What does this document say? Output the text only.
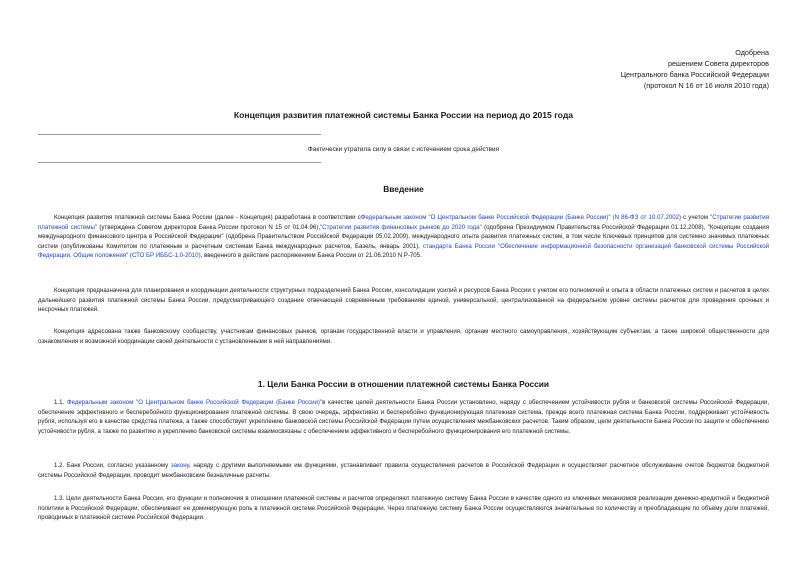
Одобрена
решением Совета директоров
Центрального банка Российской Федерации
(протокол N 16 от 16 июля 2010 года)
Концепция развития платежной системы Банка России на период до 2015 года
Фактически утратила силу в связи с истечением срока действия
Введение

Концепция развития платежной системы Банка России (далее - Концепция) разработана в соответствии сФедеральным законом "О Центральном банке Российской Федерации (Банке России)" (N 86-ФЗ от 10.07.2002) с учетом "Стратегии развития платежной системы" (утверждена Советом директоров Банка России протокол N 15 от 01.04.96),"Стратегии развития финансовых рынков до 2020 года" (одобрена Президиумом Правительства Российской Федерации 01.12.2008), "Концепции создания международного финансового центра в Российской Федерации" (одобрена Правительством Российской Федерации 05.02.2009), международного опыта развития платежных систем, в том числе Ключевых принципов для системно значимых платежных систем (опубликованы Комитетом по платежным и расчетным системам Банка международных расчетов, Базель, январь 2001), стандарта Банка России "Обеспечение информационной безопасности организаций банковской системы Российской Федерации. Общие положения" (СТО БР ИББС-1.0-2010), введенного в действие распоряжением Банка России от 21.06.2010 N Р-705.

Концепция предназначена для планирования и координации деятельности структурных подразделений Банка России, консолидации усилий и ресурсов Банка России с учетом его полномочий и опыта в области платежных систем и расчетов в целях дальнейшего развития платежной системы Банка России, предусматривающего создание отвечающей современным требованиям единой, универсальной, централизованной на федеральном уровне системы расчетов для проведения срочных и несрочных платежей.

Концепция адресована также банковскому сообществу, участникам финансовых рынков, органам государственной власти и управления, органам местного самоуправления, хозяйствующим субъектам, а также широкой общественности для ознакомления и возможной координации своей деятельности с установленными в ней направлениями.

1. Цели Банка России в отношении платежной системы Банка России

1.1. Федеральным законом "О Центральном банке Российской Федерации (Банке России)"в качестве целей деятельности Банка России установлено, наряду с обеспечением устойчивости рубля и банковской системы Российской Федерации, обеспечение эффективного и бесперебойного функционирования платежной системы. В свою очередь, эффективно и бесперебойно функционирующая платежная система, прежде всего платежная система Банка России, поддерживает устойчивость рубля, используя его в качестве средства платежа, а также способствует укреплению банковской системы Российской Федерации путем осуществления межбанковских расчетов. Таким образом, цели деятельности Банка России по защите и обеспечению устойчивости рубля, а также по развитию и укреплению банковской системы взаимосвязаны с обеспечением эффективного и бесперебойного функционирования его платежной системы.

1.2. Банк России, согласно указанному закону, наряду с другими выполняемыми им функциями, устанавливает правила осуществления расчетов в Российской Федерации и осуществляет расчетное обслуживание счетов бюджетов бюджетной системы Российской Федерации, проводит межбанковские безналичные расчеты.

1.3. Цели деятельности Банка России, его функции и полномочия в отношении платежной системы и расчетов определяют платежную систему Банка России в качестве одного из ключевых механизмов реализации денежно-кредитной и бюджетной политики в Российской Федерации, обеспечивают ее доминирующую роль в платежной системе Российской Федерации. Через платежную систему Банка России осуществляются значительные по количеству и преобладающие по объему доли платежей, проводимых в платежной системе Российской Федерации.
